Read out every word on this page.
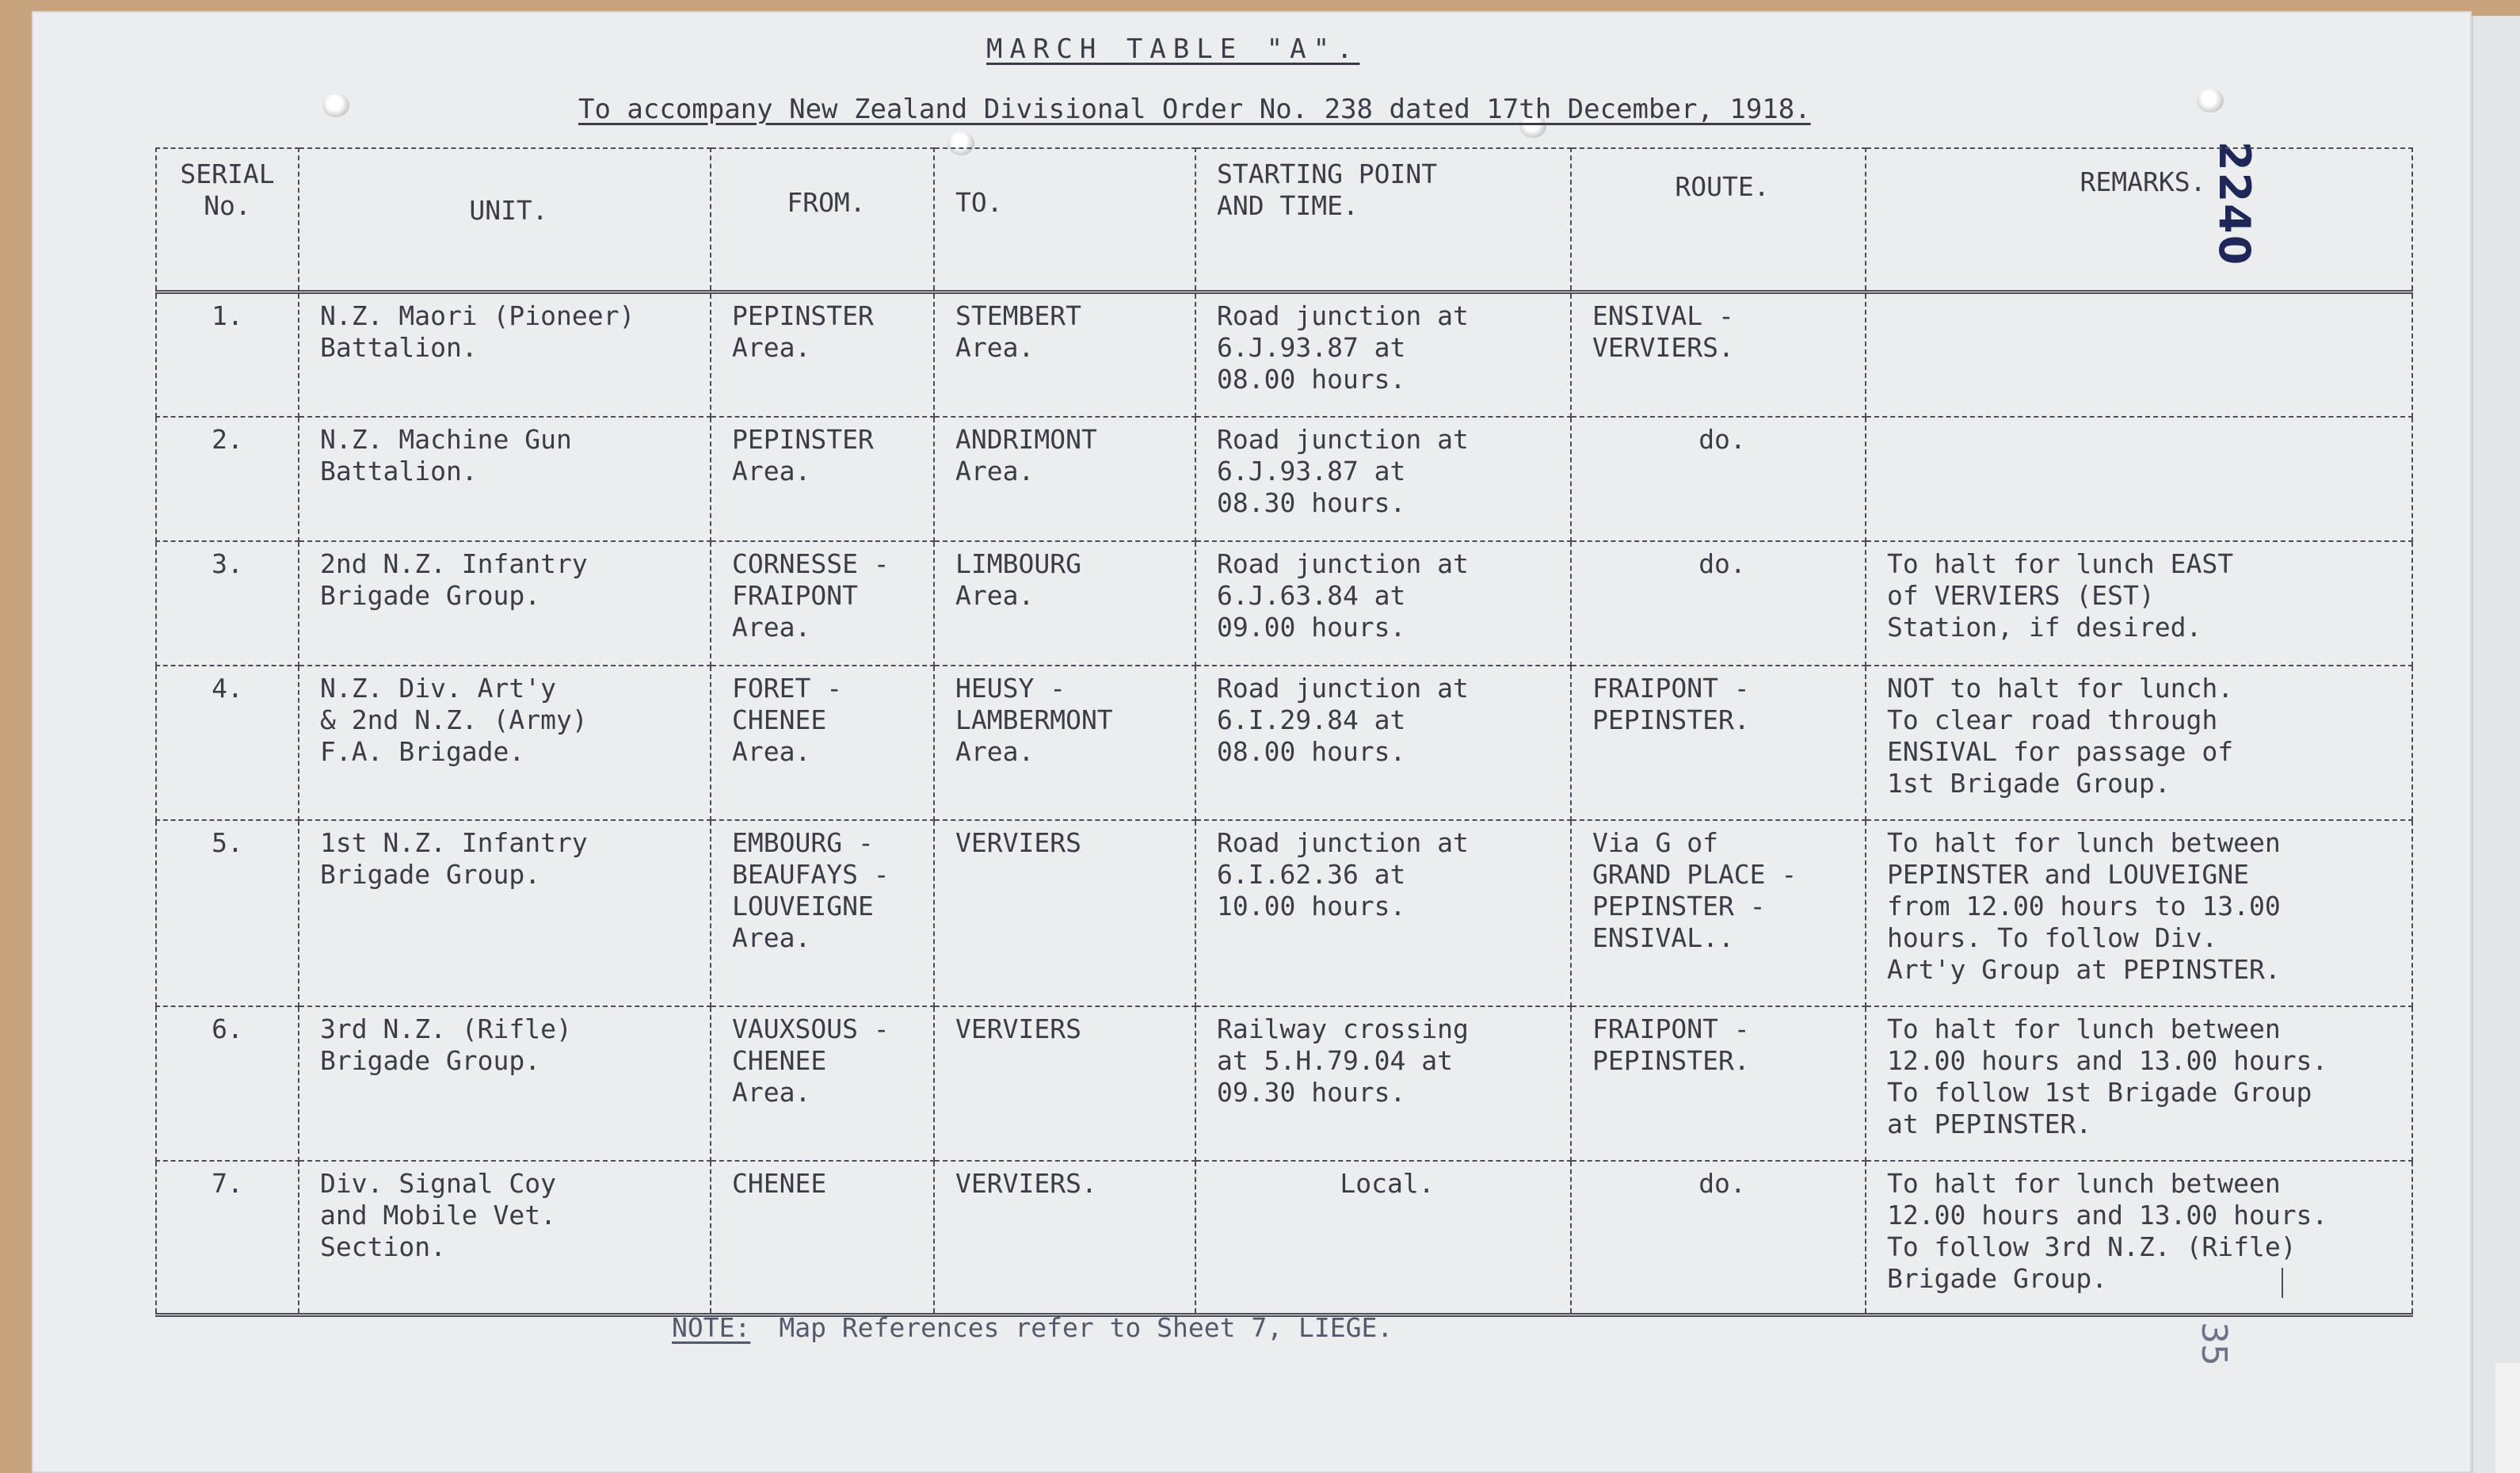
MARCH TABLE "A".
To accompany New Zealand Divisional Order No. 238 dated 17th December, 1918.
2240
SERIAL
No.	UNIT.	FROM.	TO.	STARTING POINT
AND TIME.	ROUTE.	REMARKS.
1.	N.Z. Maori (Pioneer)
Battalion.	PEPINSTER
Area.	STEMBERT
Area.	Road junction at
6.J.93.87 at
08.00 hours.	ENSIVAL -
VERVIERS.	
2.	N.Z. Machine Gun
Battalion.	PEPINSTER
Area.	ANDRIMONT
Area.	Road junction at
6.J.93.87 at
08.30 hours.	do.	
3.	2nd N.Z. Infantry
Brigade Group.	CORNESSE -
FRAIPONT
Area.	LIMBOURG
Area.	Road junction at
6.J.63.84 at
09.00 hours.	do.	To halt for lunch EAST
of VERVIERS (EST)
Station, if desired.
4.	N.Z. Div. Art'y
& 2nd N.Z. (Army)
F.A. Brigade.	FORET -
CHENEE
Area.	HEUSY -
LAMBERMONT
Area.	Road junction at
6.I.29.84 at
08.00 hours.	FRAIPONT -
PEPINSTER.	NOT to halt for lunch.
To clear road through
ENSIVAL for passage of
1st Brigade Group.
5.	1st N.Z. Infantry
Brigade Group.	EMBOURG -
BEAUFAYS -
LOUVEIGNE
Area.	VERVIERS	Road junction at
6.I.62.36 at
10.00 hours.	Via G of
GRAND PLACE -
PEPINSTER -
ENSIVAL..	To halt for lunch between
PEPINSTER and LOUVEIGNE
from 12.00 hours to 13.00
hours. To follow Div.
Art'y Group at PEPINSTER.
6.	3rd N.Z. (Rifle)
Brigade Group.	VAUXSOUS -
CHENEE
Area.	VERVIERS	Railway crossing
at 5.H.79.04 at
09.30 hours.	FRAIPONT -
PEPINSTER.	To halt for lunch between
12.00 hours and 13.00 hours.
To follow 1st Brigade Group
at PEPINSTER.
7.	Div. Signal Coy
and Mobile Vet.
Section.	CHENEE	VERVIERS.	Local.	do.	To halt for lunch between
12.00 hours and 13.00 hours.
To follow 3rd N.Z. (Rifle)
Brigade Group.
NOTE: Map References refer to Sheet 7, LIEGE.	35
